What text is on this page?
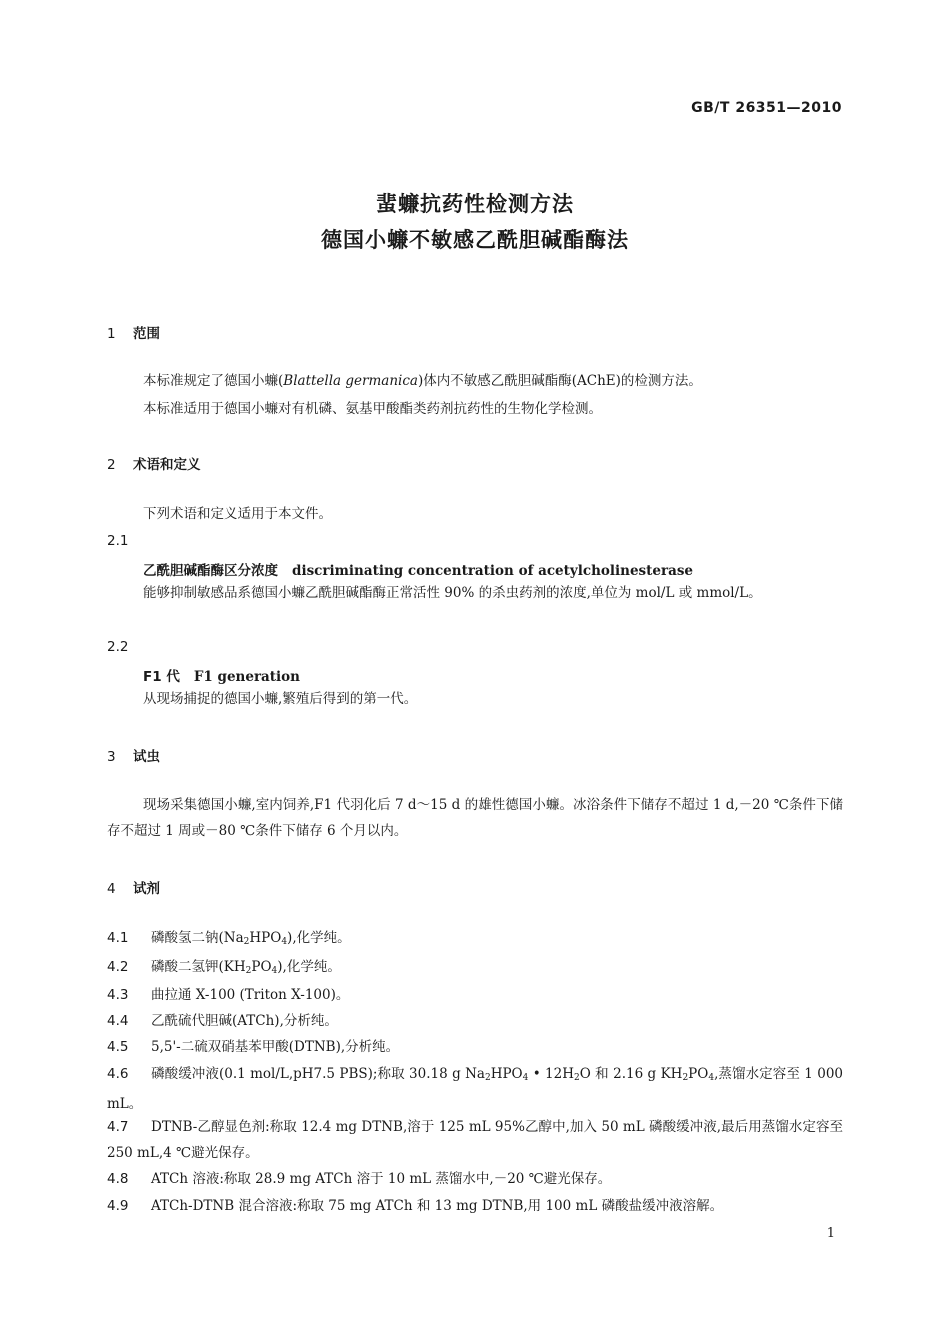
GB/T 26351—2010
蜚蠊抗药性检测方法
德国小蠊不敏感乙酰胆碱酯酶法
1 范围
本标准规定了德国小蠊(Blattella germanica)体内不敏感乙酰胆碱酯酶(AChE)的检测方法。
本标准适用于德国小蠊对有机磷、氨基甲酸酯类药剂抗药性的生物化学检测。
2 术语和定义
下列术语和定义适用于本文件。
2.1
乙酰胆碱酯酶区分浓度 discriminating concentration of acetylcholinesterase
能够抑制敏感品系德国小蠊乙酰胆碱酯酶正常活性 90% 的杀虫药剂的浓度,单位为 mol/L 或 mmol/L。
2.2
F1 代 F1 generation
从现场捕捉的德国小蠊,繁殖后得到的第一代。
3 试虫
现场采集德国小蠊,室内饲养,F1 代羽化后 7 d～15 d 的雄性德国小蠊。冰浴条件下储存不超过 1 d,－20 ℃条件下储存不超过 1 周或－80 ℃条件下储存 6 个月以内。
4 试剂
4.1 磷酸氢二钠$(Na_2HPO_4)$,化学纯。
4.2 磷酸二氢钾$(KH_2PO_4)$,化学纯。
4.3 曲拉通 X-100 (Triton X-100)。
4.4 乙酰硫代胆碱(ATCh),分析纯。
4.5 5,5'-二硫双硝基苯甲酸(DTNB),分析纯。
4.6 磷酸缓冲液(0.1 mol/L,pH7.5 PBS);称取 30.18 g $Na_2HPO_4$ • $12H_2O$ 和 2.16 g $KH_2PO_4$,蒸馏水定容至 1 000 mL。
4.7 DTNB-乙醇显色剂:称取 12.4 mg DTNB,溶于 125 mL 95%乙醇中,加入 50 mL 磷酸缓冲液,最后用蒸馏水定容至 250 mL,4 ℃避光保存。
4.8 ATCh 溶液:称取 28.9 mg ATCh 溶于 10 mL 蒸馏水中,－20 ℃避光保存。
4.9 ATCh-DTNB 混合溶液:称取 75 mg ATCh 和 13 mg DTNB,用 100 mL 磷酸盐缓冲液溶解。
1
